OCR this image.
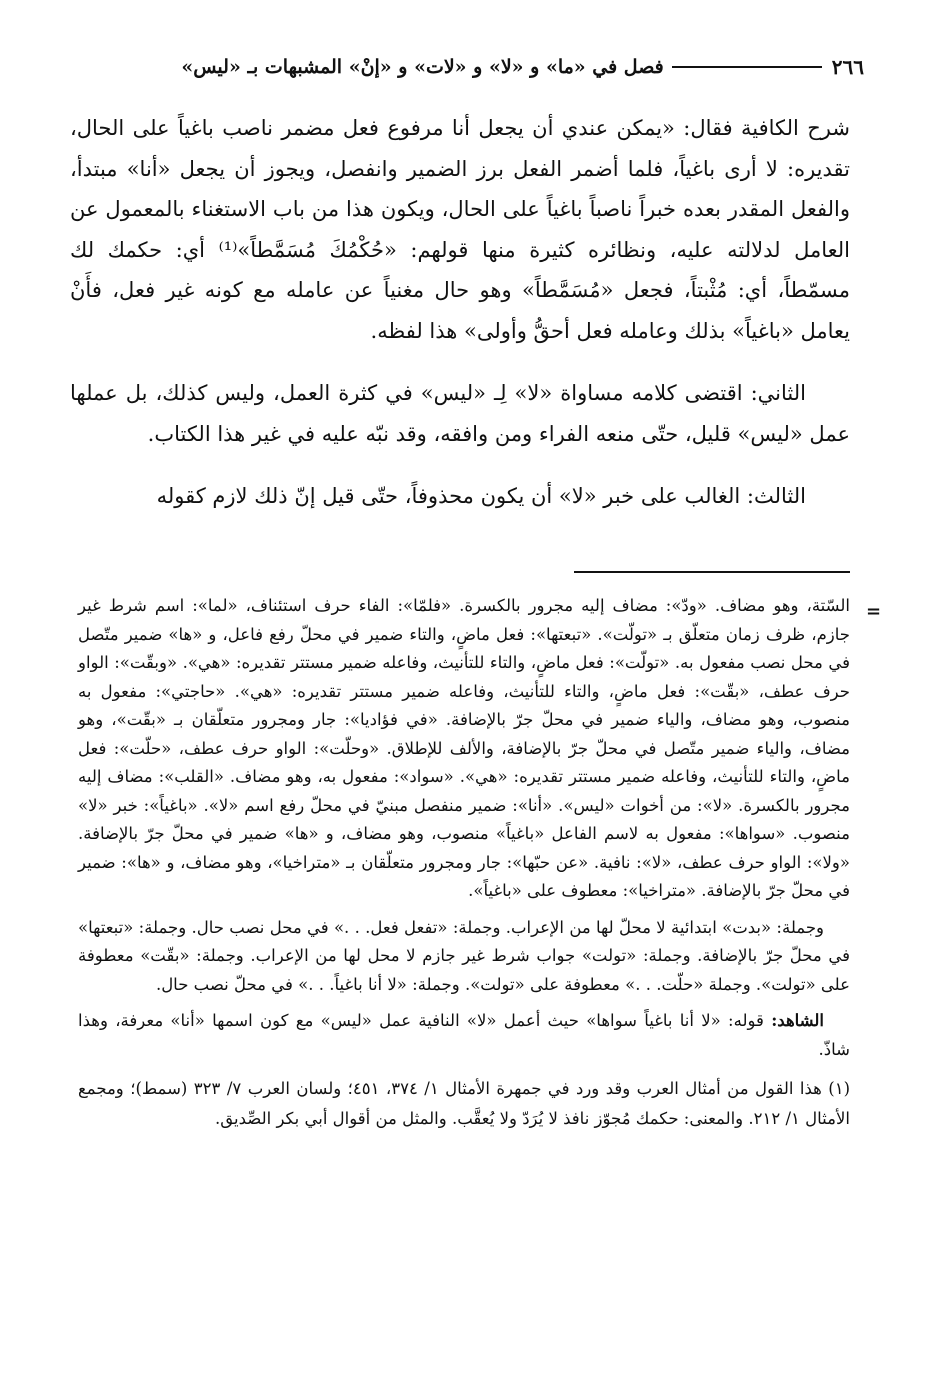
٢٦٦
فصل في «ما» و «لا» و «لات» و «إنْ» المشبهات بـ «ليس»

شرح الكافية فقال: «يمكن عندي أن يجعل أنا مرفوع فعل مضمر ناصب باغياً على الحال، تقديره: لا أرى باغياً، فلما أضمر الفعل برز الضمير وانفصل، ويجوز أن يجعل «أنا» مبتدأ، والفعل المقدر بعده خبراً ناصباً باغياً على الحال، ويكون هذا من باب الاستغناء بالمعمول عن العامل لدلالته عليه، ونظائره كثيرة منها قولهم: «حُكْمُكَ مُسَمَّطاً»⁽¹⁾ أي: حكمك لك مسمّطاً، أي: مُثْبتاً، فجعل «مُسَمَّطاً» وهو حال مغنياً عن عامله مع كونه غير فعل، فأَنْ يعامل «باغياً» بذلك وعامله فعل أحقُّ وأولى» هذا لفظه.

الثاني: اقتضى كلامه مساواة «لا» لِـ «ليس» في كثرة العمل، وليس كذلك، بل عملها عمل «ليس» قليل، حتّى منعه الفراء ومن وافقه، وقد نبّه عليه في غير هذا الكتاب.

الثالث: الغالب على خبر «لا» أن يكون محذوفاً، حتّى قيل إنّ ذلك لازم كقوله

=

السّتة، وهو مضاف. «ودّ»: مضاف إليه مجرور بالكسرة. «فلمّا»: الفاء حرف استئناف، «لما»: اسم شرط غير جازم، ظرف زمان متعلّق بـ «تولّت». «تبعتها»: فعل ماضٍ، والتاء ضمير في محلّ رفع فاعل، و «ها» ضمير متّصل في محل نصب مفعول به. «تولّت»: فعل ماضٍ، والتاء للتأنيث، وفاعله ضمير مستتر تقديره: «هي». «وبقّت»: الواو حرف عطف، «بقّت»: فعل ماضٍ، والتاء للتأنيث، وفاعله ضمير مستتر تقديره: «هي». «حاجتي»: مفعول به منصوب، وهو مضاف، والياء ضمير في محلّ جرّ بالإضافة. «في فؤاديا»: جار ومجرور متعلّقان بـ «بقّت»، وهو مضاف، والياء ضمير متّصل في محلّ جرّ بالإضافة، والألف للإطلاق. «وحلّت»: الواو حرف عطف، «حلّت»: فعل ماضٍ، والتاء للتأنيث، وفاعله ضمير مستتر تقديره: «هي». «سواد»: مفعول به، وهو مضاف. «القلب»: مضاف إليه مجرور بالكسرة. «لا»: من أخوات «ليس». «أنا»: ضمير منفصل مبنيّ في محلّ رفع اسم «لا». «باغياً»: خبر «لا» منصوب. «سواها»: مفعول به لاسم الفاعل «باغياً» منصوب، وهو مضاف، و «ها» ضمير في محلّ جرّ بالإضافة. «ولا»: الواو حرف عطف، «لا»: نافية. «عن حبّها»: جار ومجرور متعلّقان بـ «متراخيا»، وهو مضاف، و «ها»: ضمير في محلّ جرّ بالإضافة. «متراخيا»: معطوف على «باغياً».

وجملة: «بدت» ابتدائية لا محلّ لها من الإعراب. وجملة: «تفعل فعل. . .» في محل نصب حال. وجملة: «تبعتها» في محلّ جرّ بالإضافة. وجملة: «تولت» جواب شرط غير جازم لا محل لها من الإعراب. وجملة: «بقّت» معطوفة على «تولت». وجملة «حلّت. . .» معطوفة على «تولت». وجملة: «لا أنا باغياً. . .» في محلّ نصب حال.

الشاهد: قوله: «لا أنا باغياً سواها» حيث أعمل «لا» النافية عمل «ليس» مع كون اسمها «أنا» معرفة، وهذا شاذّ.

(١) هذا القول من أمثال العرب وقد ورد في جمهرة الأمثال ١/ ٣٧٤، ٤٥١؛ ولسان العرب ٧/ ٣٢٣ (سمط)؛ ومجمع الأمثال ١/ ٢١٢. والمعنى: حكمك مُجوّز نافذ لا يُرَدّ ولا يُعقَّب. والمثل من أقوال أبي بكر الصِّديق.
